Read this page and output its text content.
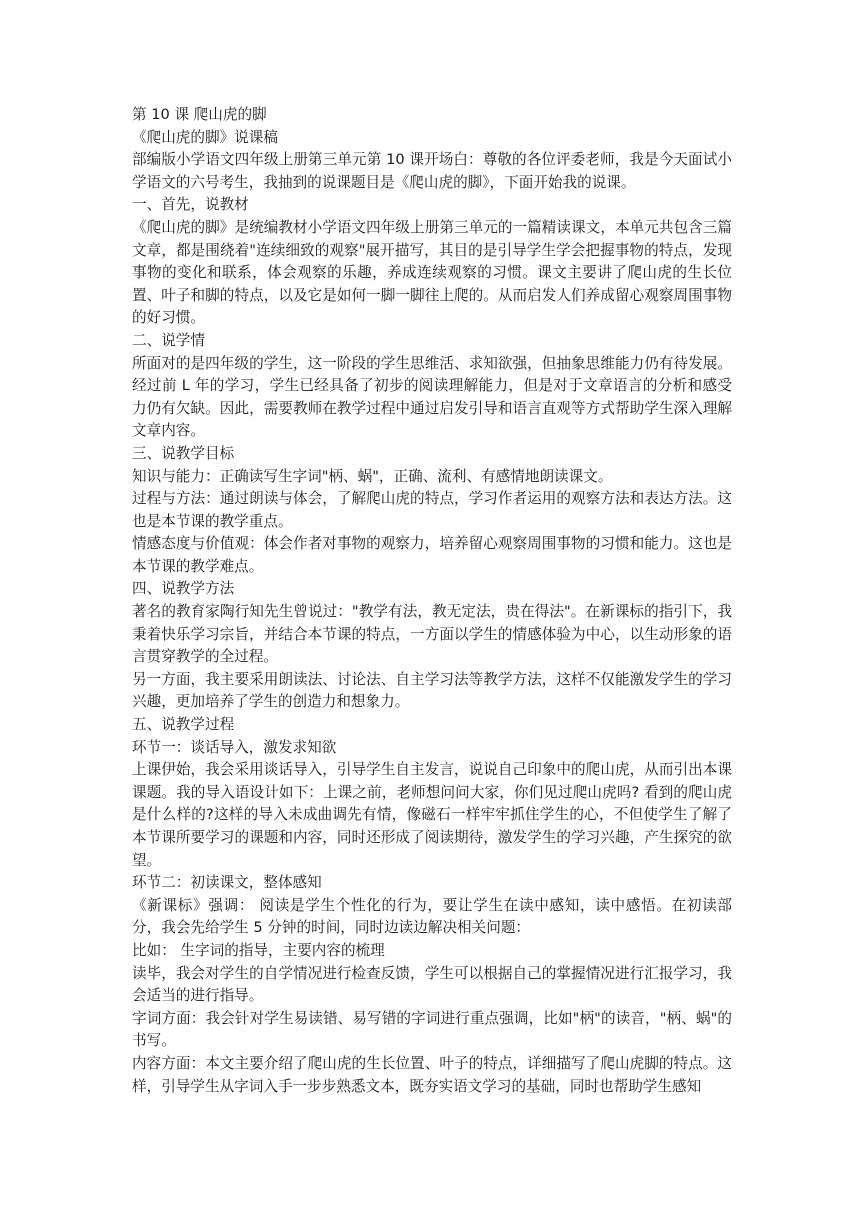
第 10 课 爬山虎的脚

《爬山虎的脚》说课稿

部编版小学语文四年级上册第三单元第 10 课开场白：尊敬的各位评委老师，我是今天面试小学语文的六号考生，我抽到的说课题目是《爬山虎的脚》，下面开始我的说课。

一、首先，说教材

《爬山虎的脚》是统编教材小学语文四年级上册第三单元的一篇精读课文，本单元共包含三篇文章，都是围绕着"连续细致的观察"展开描写，其目的是引导学生学会把握事物的特点，发现事物的变化和联系，体会观察的乐趣，养成连续观察的习惯。课文主要讲了爬山虎的生长位置、叶子和脚的特点，以及它是如何一脚一脚往上爬的。从而启发人们养成留心观察周围事物的好习惯。

二、说学情

所面对的是四年级的学生，这一阶段的学生思维活、求知欲强，但抽象思维能力仍有待发展。经过前 L 年的学习，学生已经具备了初步的阅读理解能力，但是对于文章语言的分析和感受力仍有欠缺。因此，需要教师在教学过程中通过启发引导和语言直观等方式帮助学生深入理解文章内容。

三、说教学目标

知识与能力：正确读写生字词"柄、蜗"，正确、流利、有感情地朗读课文。

过程与方法：通过朗读与体会，了解爬山虎的特点，学习作者运用的观察方法和表达方法。这也是本节课的教学重点。

情感态度与价值观：体会作者对事物的观察力，培养留心观察周围事物的习惯和能力。这也是本节课的教学难点。

四、说教学方法

著名的教育家陶行知先生曾说过："教学有法，教无定法，贵在得法"。在新课标的指引下，我秉着快乐学习宗旨，并结合本节课的特点，一方面以学生的情感体验为中心，以生动形象的语言贯穿教学的全过程。

另一方面，我主要采用朗读法、讨论法、自主学习法等教学方法，这样不仅能激发学生的学习兴趣，更加培养了学生的创造力和想象力。

五、说教学过程

环节一：谈话导入，激发求知欲

上课伊始，我会采用谈话导入，引导学生自主发言，说说自己印象中的爬山虎，从而引出本课课题。我的导入语设计如下：上课之前，老师想问问大家，你们见过爬山虎吗? 看到的爬山虎是什么样的?这样的导入未成曲调先有情，像磁石一样牢牢抓住学生的心，不但使学生了解了本节课所要学习的课题和内容，同时还形成了阅读期待，激发学生的学习兴趣，产生探究的欲望。

环节二：初读课文，整体感知

《新课标》强调： 阅读是学生个性化的行为，要让学生在读中感知，读中感悟。在初读部分，我会先给学生 5 分钟的时间，同时边读边解决相关问题：

比如： 生字词的指导，主要内容的梳理

读毕，我会对学生的自学情况进行检查反馈，学生可以根据自己的掌握情况进行汇报学习，我会适当的进行指导。

字词方面：我会针对学生易读错、易写错的字词进行重点强调，比如"柄"的读音，"柄、蜗"的书写。

内容方面：本文主要介绍了爬山虎的生长位置、叶子的特点，详细描写了爬山虎脚的特点。这样，引导学生从字词入手一步步熟悉文本，既夯实语文学习的基础，同时也帮助学生感知
